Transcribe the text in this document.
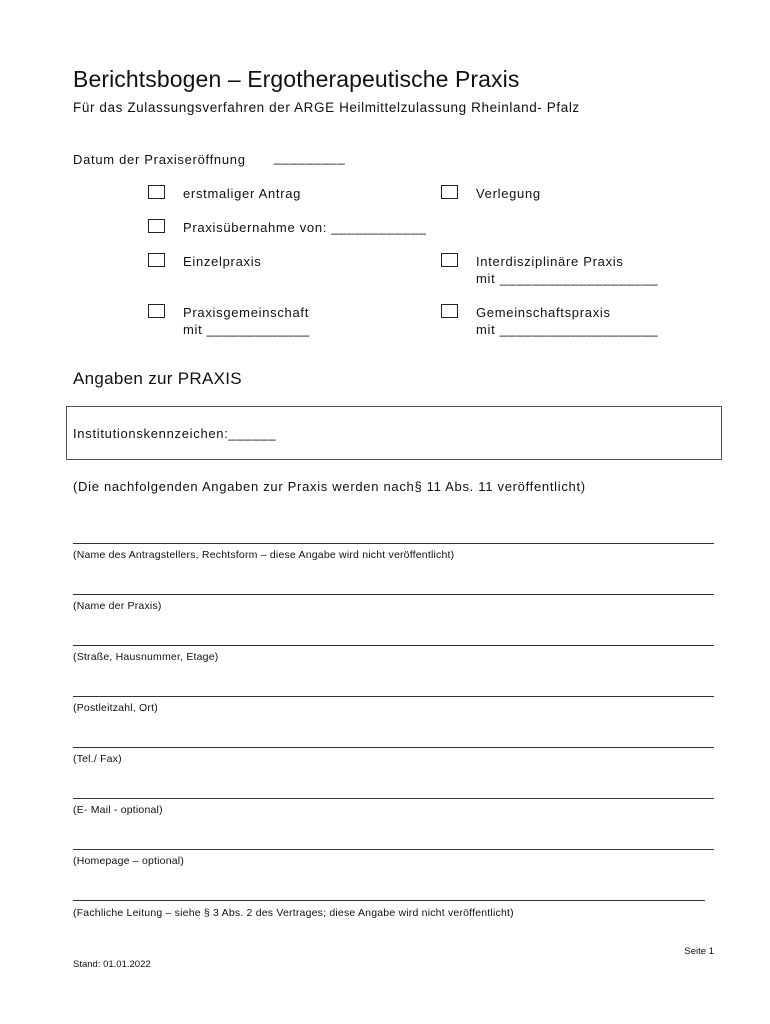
Berichtsbogen – Ergotherapeutische Praxis
Für das Zulassungsverfahren der ARGE Heilmittelzulassung Rheinland- Pfalz
Datum der Praxiseröffnung _________
erstmaliger Antrag	Verlegung
Praxisübernahme von: ____________
Einzelpraxis	Interdisziplinäre Praxis
mit ____________________
Praxisgemeinschaft
mit _____________
Gemeinschaftspraxis
mit ____________________
Angaben zur PRAXIS
Institutionskennzeichen:______
(Die nachfolgenden Angaben zur Praxis werden nach§ 11 Abs. 11 veröffentlicht)
(Name des Antragstellers, Rechtsform – diese Angabe wird nicht veröffentlicht)
(Name der Praxis)
(Straße, Hausnummer, Etage)
(Postleitzahl, Ort)
(Tel./ Fax)
(E- Mail - optional)
(Homepage – optional)
(Fachliche Leitung – siehe § 3 Abs. 2 des Vertrages; diese Angabe wird nicht veröffentlicht)
Seite 1
Stand: 01.01.2022
